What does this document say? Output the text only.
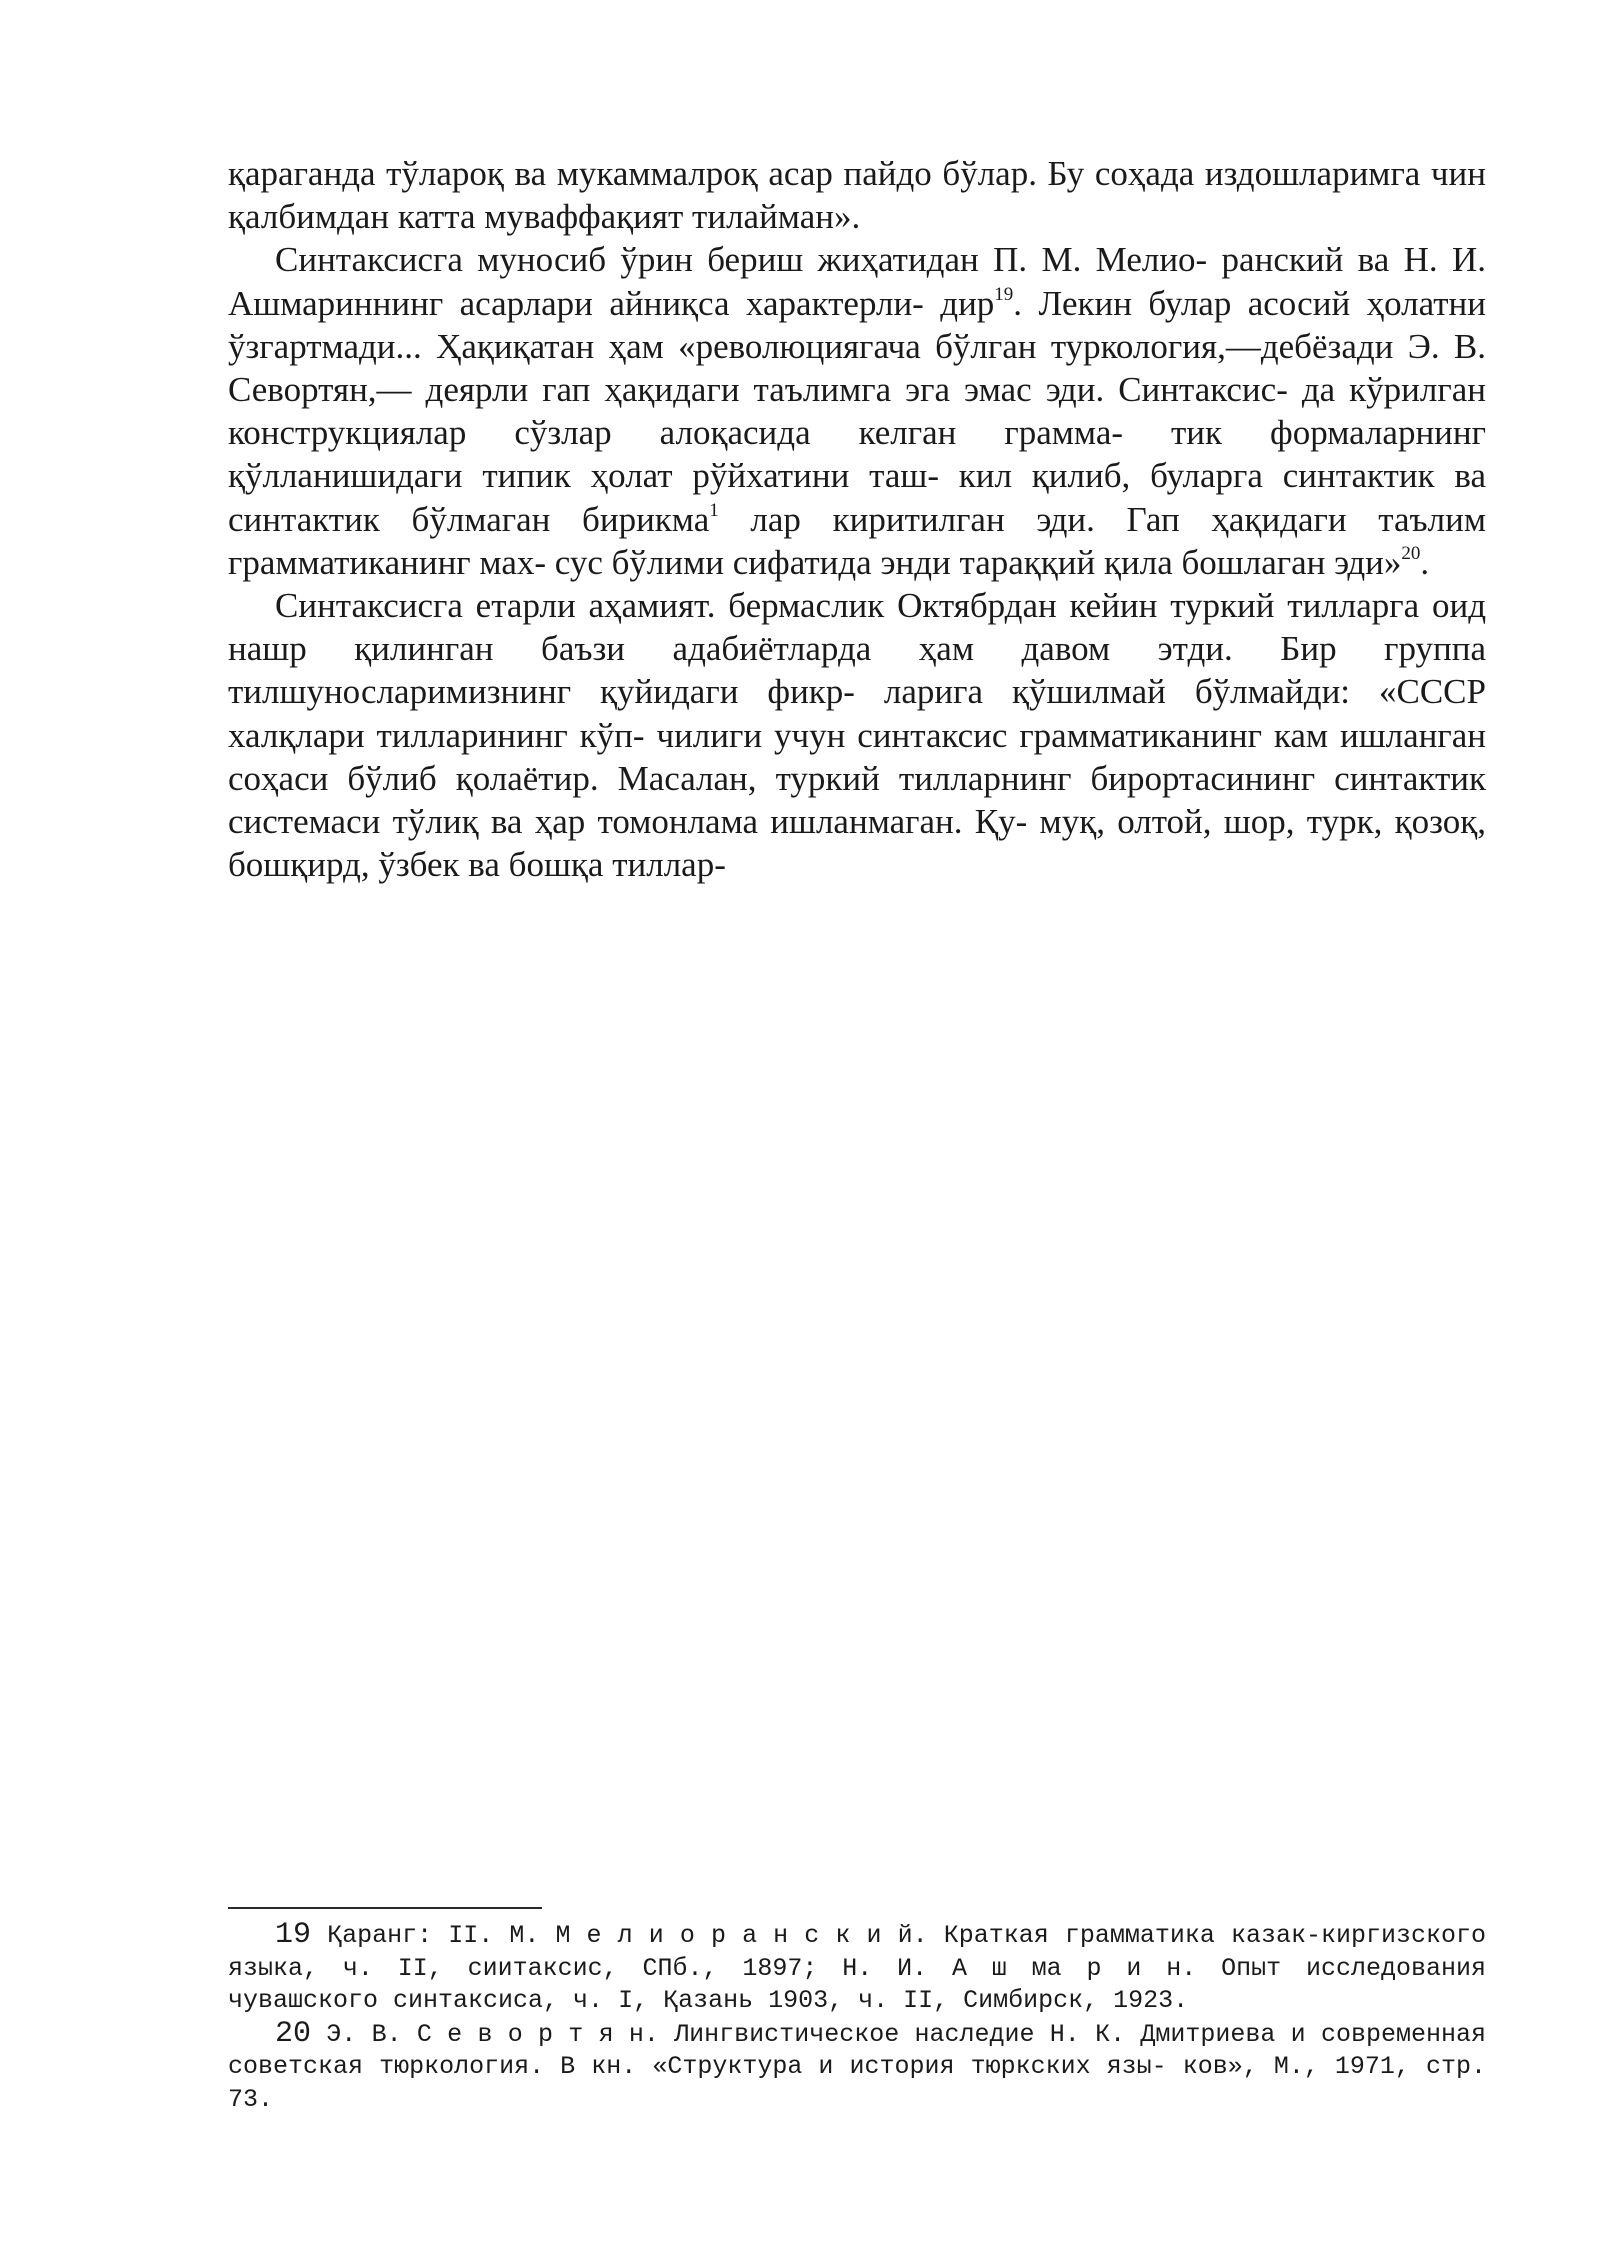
қараганда тўлароқ ва мукаммалроқ асар пайдо бўлар. Бу соҳада издошларимга чин қалбимдан катта муваффақият тилайман».

Синтаксисга муносиб ўрин бериш жиҳатидан П. М. Мелио- ранский ва Н. И. Ашмариннинг асарлари айниқса характерли- дир$^{19}$. Лекин булар асосий ҳолатни ўзгартмади... Ҳақиқатан ҳам «революциягача бўлган туркология,—дебёзади Э. В. Севортян,— деярли гап ҳақидаги таълимга эга эмас эди. Синтаксис- да кўрилган конструкциялар сўзлар алоқасида келган грамма- тик формаларнинг қўлланишидаги типик ҳолат рўйхатини таш- кил қилиб, буларга синтактик ва синтактик бўлмаган бирикма$^1$ лар киритилган эди. Гап ҳақидаги таълим грамматиканинг мах- сус бўлими сифатида энди тараққий қила бошлаган эди»$^{20}$.

Синтаксисга етарли аҳамият. бермаслик Октябрдан кейин туркий тилларга оид нашр қилинган баъзи адабиётларда ҳам давом этди. Бир группа тилшуносларимизнинг қуйидаги фикр- ларига қўшилмай бўлмайди: «СССР халқлари тилларининг кўп- чилиги учун синтаксис грамматиканинг кам ишланган соҳаси бўлиб қолаётир. Масалан, туркий тилларнинг бирортасининг синтактик системаси тўлиқ ва ҳар томонлама ишланмаган. Қу- муқ, олтой, шор, турк, қозоқ, бошқирд, ўзбек ва бошқа тиллар-

19 Қаранг: II. М. М е л и о р а н с к и й. Краткая грамматика казак-киргизского языка, ч. II, сиитаксис, СПб., 1897; Н. И. А ш ма р и н. Опыт исследования чувашского синтаксиса, ч. I, Қазань 1903, ч. II, Симбирск, 1923.

20 Э. В. С е в о р т я н. Лингвистическое наследие Н. К. Дмитриева и современная советская тюркология. В кн. «Структура и история тюркских язы- ков», М., 1971, стр. 73.
